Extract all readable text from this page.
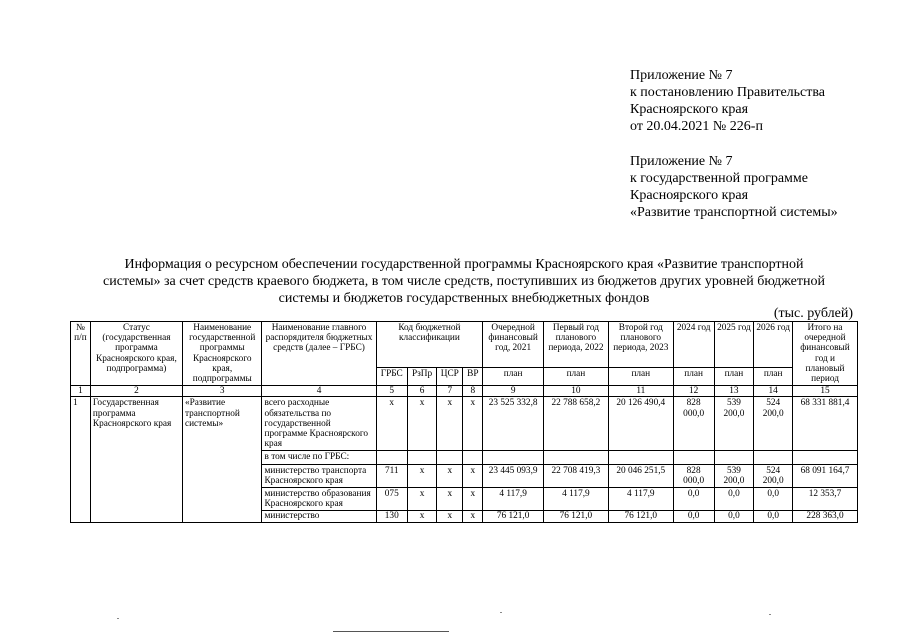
Приложение № 7
к постановлению Правительства
Красноярского края
от 20.04.2021 № 226-п
Приложение № 7
к государственной программе
Красноярского края
«Развитие транспортной системы»
Информация о ресурсном обеспечении государственной программы Красноярского края «Развитие транспортной
системы» за счет средств краевого бюджета, в том числе средств, поступивших из бюджетов других уровней бюджетной
системы и бюджетов государственных внебюджетных фондов
(тыс. рублей)
№ п/п	Статус (государственная программа Красноярского края, подпрограмма)	Наименование государственной программы Красноярского края, подпрограммы	Наименование главного распорядителя бюджетных средств (далее – ГРБС)	Код бюджетной классификации				Очередной финансовый год, 2021	Первый год планового периода, 2022	Второй год планового периода, 2023	2024 год	2025 год	2026 год	Итого на очередной финансовый год и плановый период
				ГРБС	РзПр	ЦСР	ВР	план	план	план	план	план	план	
1	2	3	4	5	6	7	8	9	10	11	12	13	14	15
1	Государственная программа Красноярского края	«Развитие транспортной системы»	всего расходные обязательства по государственной программе Красноярского края	х	х	х	х	23 525 332,8	22 788 658,2	20 126 490,4	828 000,0	539 200,0	524 200,0	68 331 881,4
			в том числе по ГРБС:											
			министерство транспорта Красноярского края	711	х	х	х	23 445 093,9	22 708 419,3	20 046 251,5	828 000,0	539 200,0	524 200,0	68 091 164,7
			министерство образования Красноярского края	075	х	х	х	4 117,9	4 117,9	4 117,9	0,0	0,0	0,0	12 353,7
			министерство	130	х	х	х	76 121,0	76 121,0	76 121,0	0,0	0,0	0,0	228 363,0
